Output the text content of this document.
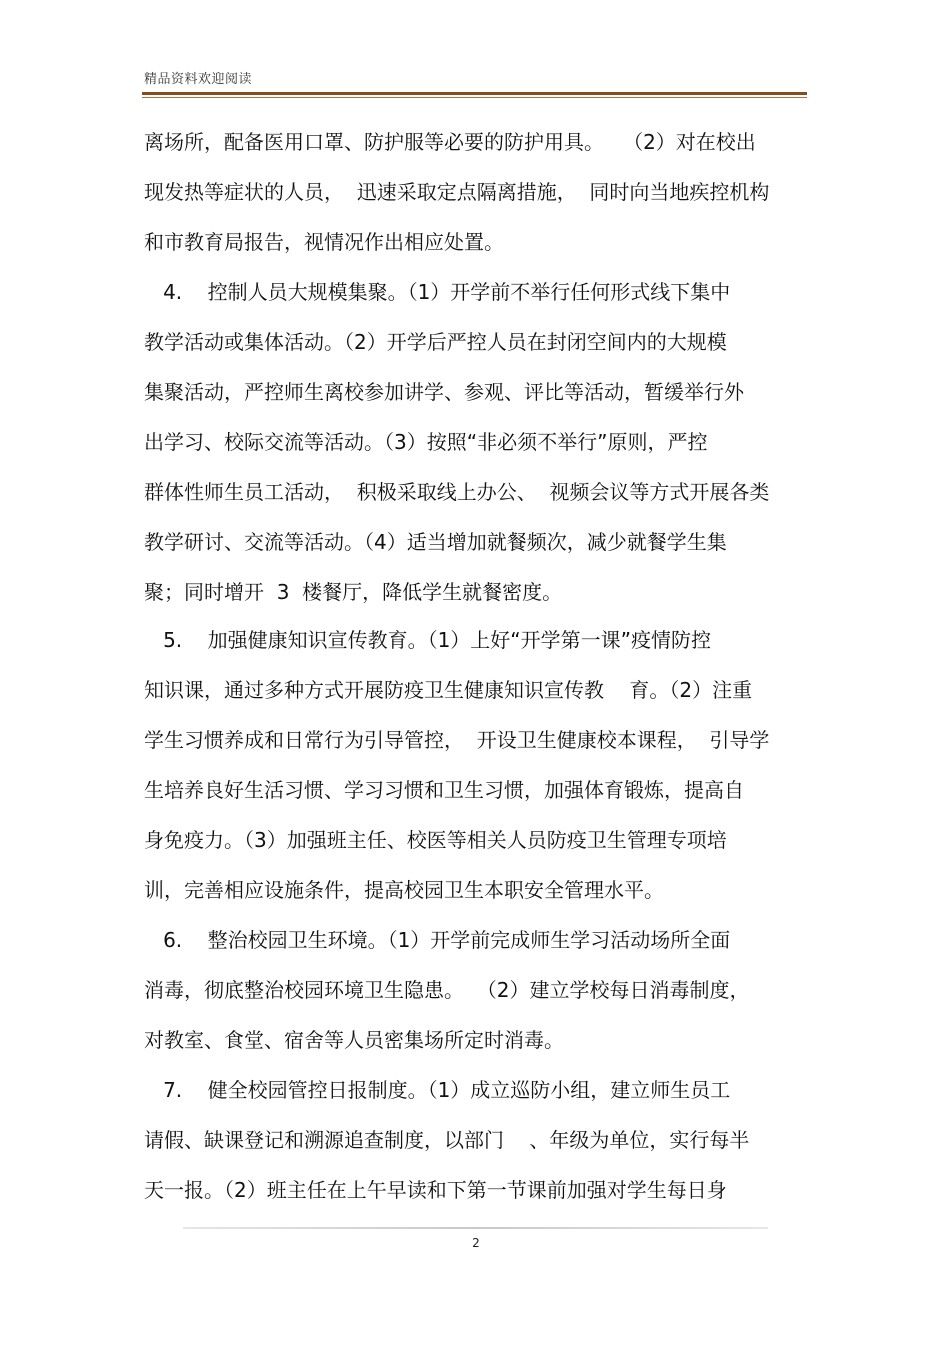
精品资料欢迎阅读
离场所，配备医用口罩、防护服等必要的防护用具。   （2）对在校出
现发热等症状的人员，  迅速采取定点隔离措施，  同时向当地疾控机构
和市教育局报告，视情况作出相应处置。
4.    控制人员大规模集聚。（1）开学前不举行任何形式线下集中
教学活动或集体活动。（2）开学后严控人员在封闭空间内的大规模
集聚活动，严控师生离校参加讲学、参观、评比等活动，暂缓举行外
出学习、校际交流等活动。（3）按照“非必须不举行”原则，严控
群体性师生员工活动，  积极采取线上办公、  视频会议等方式开展各类
教学研讨、交流等活动。（4）适当增加就餐频次，减少就餐学生集
聚；同时增开  3  楼餐厅，降低学生就餐密度。
5.    加强健康知识宣传教育。（1）上好“开学第一课”疫情防控
知识课，通过多种方式开展防疫卫生健康知识宣传教    育。（2）注重
学生习惯养成和日常行为引导管控，  开设卫生健康校本课程，  引导学
生培养良好生活习惯、学习习惯和卫生习惯，加强体育锻炼，提高自
身免疫力。（3）加强班主任、校医等相关人员防疫卫生管理专项培
训，完善相应设施条件，提高校园卫生本职安全管理水平。
6.    整治校园卫生环境。（1）开学前完成师生学习活动场所全面
消毒，彻底整治校园环境卫生隐患。  （2）建立学校每日消毒制度，
对教室、食堂、宿舍等人员密集场所定时消毒。
7.    健全校园管控日报制度。（1）成立巡防小组，建立师生员工
请假、缺课登记和溯源追查制度，以部门    、年级为单位，实行每半
天一报。（2）班主任在上午早读和下第一节课前加强对学生每日身
2
